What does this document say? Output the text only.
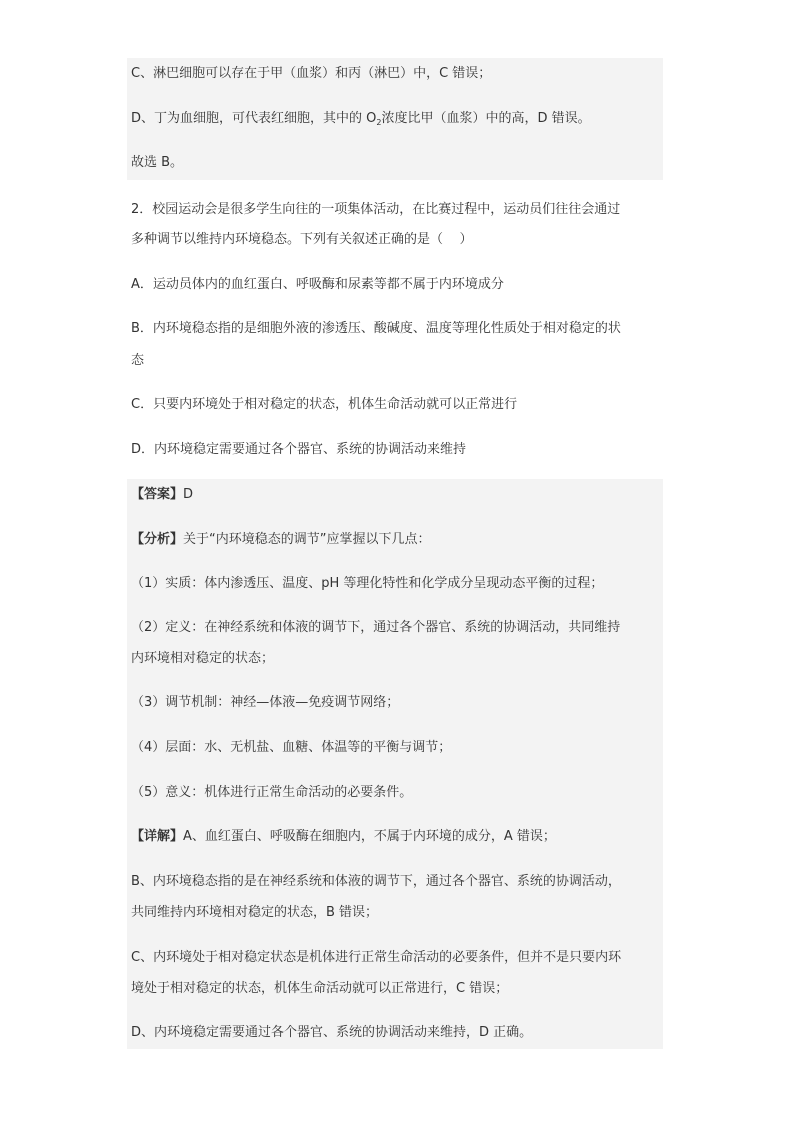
C、淋巴细胞可以存在于甲（血浆）和丙（淋巴）中，C 错误；
D、丁为血细胞，可代表红细胞，其中的 $O_2$浓度比甲（血浆）中的高，D 错误。
故选 B。
2．校园运动会是很多学生向往的一项集体活动，在比赛过程中，运动员们往往会通过
多种调节以维持内环境稳态。下列有关叙述正确的是（    ）
A．运动员体内的血红蛋白、呼吸酶和尿素等都不属于内环境成分
B．内环境稳态指的是细胞外液的渗透压、酸碱度、温度等理化性质处于相对稳定的状
态
C．只要内环境处于相对稳定的状态，机体生命活动就可以正常进行
D．内环境稳定需要通过各个器官、系统的协调活动来维持
【答案】D
【分析】关于“内环境稳态的调节”应掌握以下几点：
（1）实质：体内渗透压、温度、pH 等理化特性和化学成分呈现动态平衡的过程；
（2）定义：在神经系统和体液的调节下，通过各个器官、系统的协调活动，共同维持
内环境相对稳定的状态；
（3）调节机制：神经—体液—免疫调节网络；
（4）层面：水、无机盐、血糖、体温等的平衡与调节；
（5）意义：机体进行正常生命活动的必要条件。
【详解】A、血红蛋白、呼吸酶在细胞内，不属于内环境的成分，A 错误；
B、内环境稳态指的是在神经系统和体液的调节下，通过各个器官、系统的协调活动，
共同维持内环境相对稳定的状态，B 错误；
C、内环境处于相对稳定状态是机体进行正常生命活动的必要条件，但并不是只要内环
境处于相对稳定的状态，机体生命活动就可以正常进行，C 错误；
D、内环境稳定需要通过各个器官、系统的协调活动来维持，D 正确。
